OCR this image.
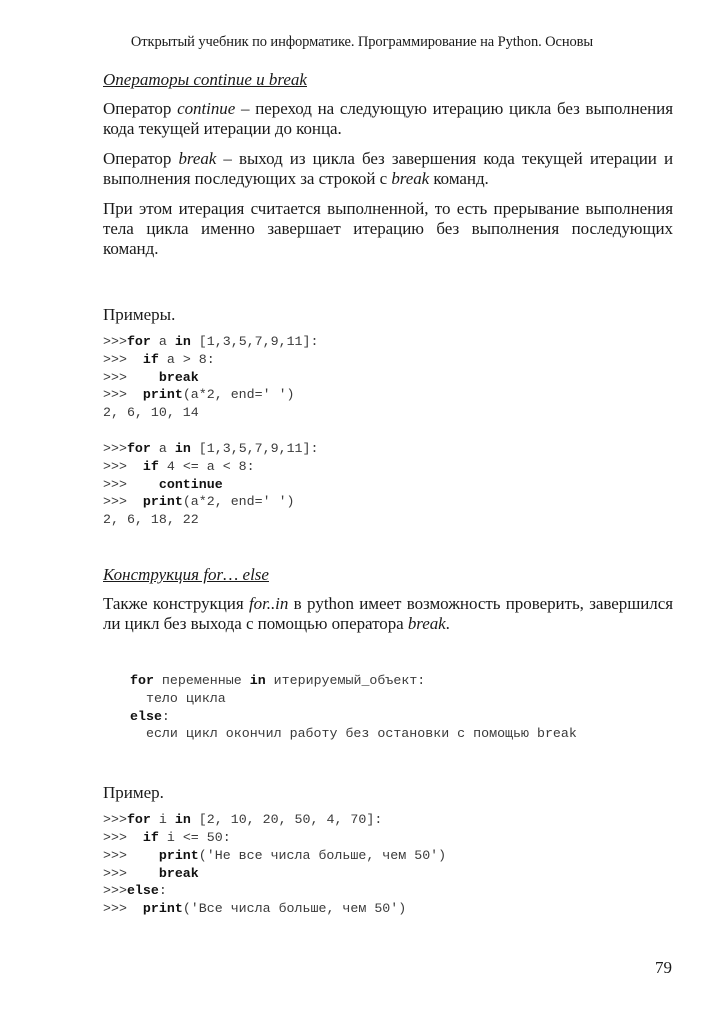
Открытый учебник по информатике. Программирование на Python. Основы
Операторы continue и break

Оператор continue – переход на следующую итерацию цикла без выполнения кода текущей итерации до конца.

Оператор break – выход из цикла без завершения кода текущей итерации и выполнения последующих за строкой с break команд.

При этом итерация считается выполненной, то есть прерывание выполнения тела цикла именно завершает итерацию без выполнения последующих команд.

Примеры.

>>>for a in [1,3,5,7,9,11]:
>>>  if a > 8:
>>>    break
>>>  print(a*2, end=' ')
2, 6, 10, 14
>>>for a in [1,3,5,7,9,11]:
>>>  if 4 <= a < 8:
>>>    continue
>>>  print(a*2, end=' ')
2, 6, 18, 22
Конструкция for… else

Также конструкция for..in в python имеет возможность проверить, завершился ли цикл без выхода с помощью оператора break.

for переменные in итерируемый_объект:
тело цикла
else:
если цикл окончил работу без остановки с помощью break

Пример.

>>>for i in [2, 10, 20, 50, 4, 70]:
>>>  if i <= 50:
>>>    print('Не все числа больше, чем 50')
>>>    break
>>>else:
>>>  print('Все числа больше, чем 50')
79
